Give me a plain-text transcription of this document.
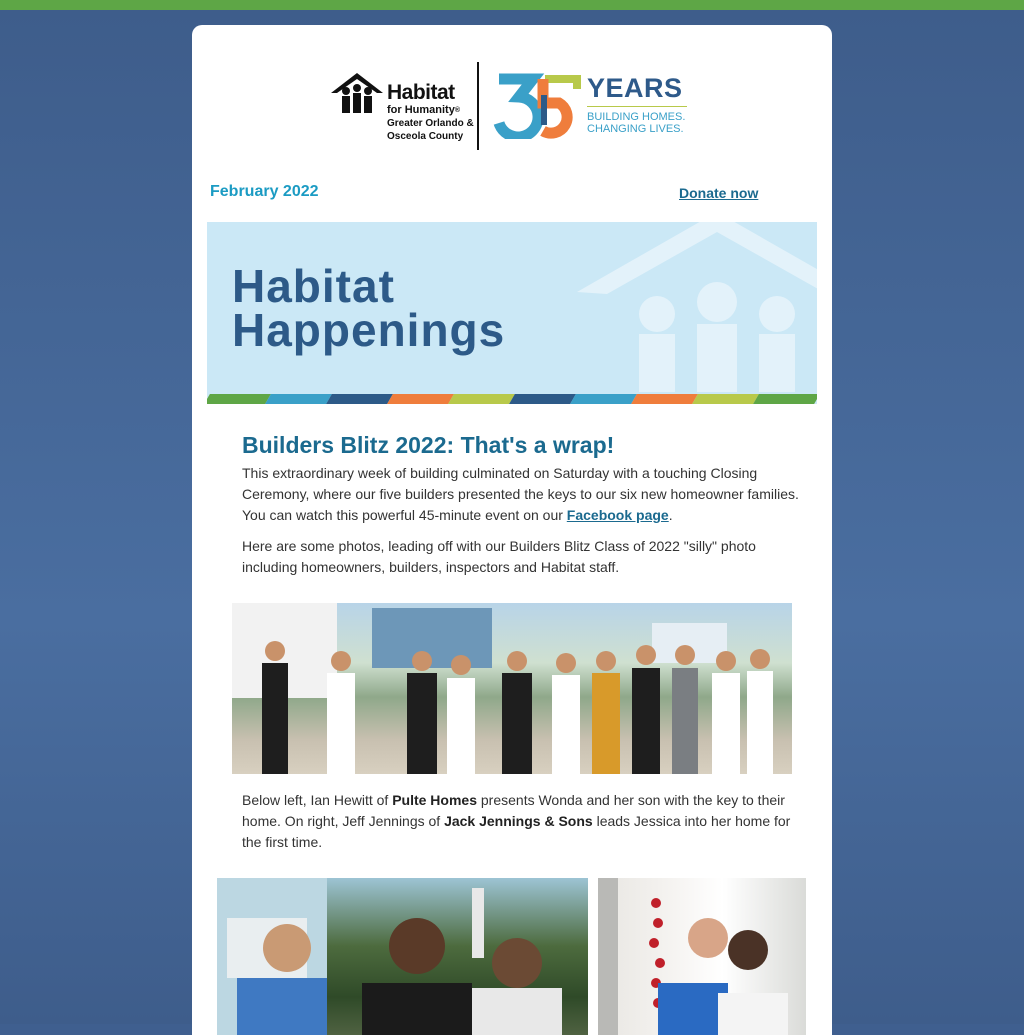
Habitat
for Humanity®
Greater Orlando &
Osceola County
YEARS
BUILDING HOMES.
CHANGING LIVES.
February 2022	Donate now
Habitat
Happenings
Builders Blitz 2022: That's a wrap!
This extraordinary week of building culminated on Saturday with a touching Closing Ceremony, where our five builders presented the keys to our six new homeowner families. You can watch this powerful 45-minute event on our Facebook page.
Here are some photos, leading off with our Builders Blitz Class of 2022 "silly" photo including homeowners, builders, inspectors and Habitat staff.
Below left, Ian Hewitt of Pulte Homes presents Wonda and her son with the key to their home. On right, Jeff Jennings of Jack Jennings & Sons leads Jessica into her home for the first time.
